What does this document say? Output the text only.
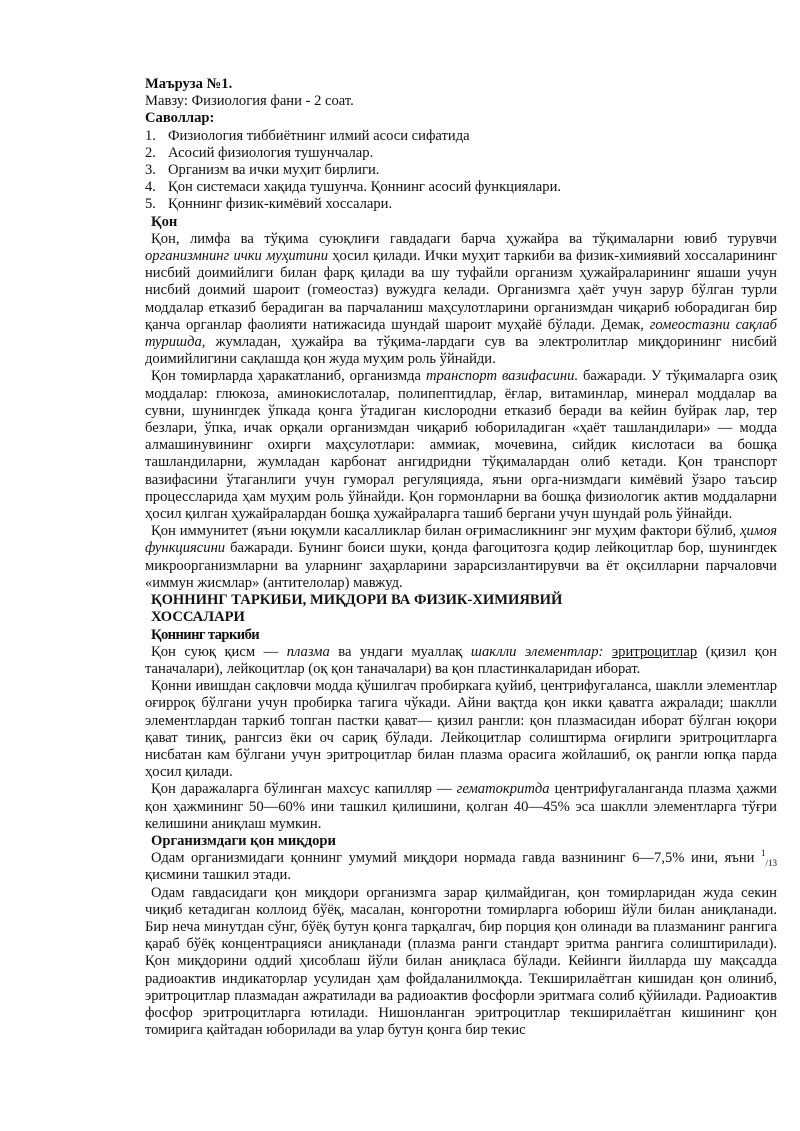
Маъруза №1.
Мавзу: Физиология фани - 2 соат.
Саволлар:
1. Физиология тиббиётнинг илмий асоси сифатида
2. Асосий физиология тушунчалар.
3. Организм ва ички муҳит бирлиги.
4. Қон системаси хақида тушунча. Қоннинг асосий функциялари.
5. Қоннинг физик-кимёвий хоссалари.
Қон

Қон, лимфа ва тўқима суюқлиғи гавдадаги барча ҳужайра ва тўқималарни ювиб турувчи организмнинг ички муҳитини ҳосил қилади. Ички муҳит таркиби ва физик-химиявий хоссаларининг нисбий доимийлиги билан фарқ қилади ва шу туфайли организм ҳужайраларининг яшаши учун нисбий доимий шароит (гомеостаз) вужудга келади. Организмга ҳаёт учун зарур бўлган турли моддалар етказиб берадиган ва парчаланиш маҳсулотларини организмдан чиқариб юборадиган бир қанча органлар фаолияти натижасида шундай шароит муҳайё бўлади. Демак, гомеостазни сақлаб туришда, жумладан, ҳужайра ва тўқима-лардаги сув ва электролитлар миқдорининг нисбий доимийлигини сақлашда қон жуда муҳим роль ўйнайди.

Қон томирларда ҳаракатланиб, организмда транспорт вазифасини. бажаради. У тўқималарга озиқ моддалар: глюкоза, аминокислоталар, полипептидлар, ёғлар, витаминлар, минерал моддалар ва сувни, шунингдек ўпкада қонга ўтадиган кислородни етказиб беради ва кейин буйрак лар, тер безлари, ўпка, ичак орқали организмдан чиқариб юбориладиган «ҳаёт ташландилари» — модда алмашинувининг охирги маҳсулотлари: аммиак, мочевина, сийдик кислотаси ва бошқа ташландиларни, жумладан карбонат ангидридни тўқималардан олиб кетади. Қон транспорт вазифасини ўтаганлиги учун гуморал регуляцияда, яъни орга-низмдаги кимёвий ўзаро таъсир процессларида ҳам муҳим роль ўйнайди. Қон гормонларни ва бошқа физиологик актив моддаларни ҳосил қилган ҳужайралардан бошқа ҳужайраларга ташиб бергани учун шундай роль ўйнайди.

Қон иммунитет (яъни юқумли касалликлар билан оғримасликнинг энг муҳим фактори бўлиб, ҳимоя функциясини бажаради. Бунинг боиси шуки, қонда фагоцитозга қодир лейкоцитлар бор, шунингдек микроорганизмларни ва уларнинг заҳарларини зарарсизлантирувчи ва ёт оқсилларни парчаловчи «иммун жисмлар» (антителолар) мавжуд.

ҚОННИНГ ТАРКИБИ, МИҚДОРИ ВА ФИЗИК-ХИМИЯВИЙ
ХОССАЛАРИ
Қоннинг таркиби

Қон суюқ қисм — плазма ва ундаги муаллақ шаклли элементлар: эритроцитлар (қизил қон таначалари), лейкоцитлар (оқ қон таначалари) ва қон пластинкаларидан иборат.

Қонни ивишдан сақловчи модда қўшилгач пробиркага қуйиб, центрифугаланса, шаклли элементлар оғирроқ бўлгани учун пробирка тагига чўкади. Айни вақтда қон икки қаватга ажралади; шаклли элементлардан таркиб топган пастки қават— қизил рангли: қон плазмасидан иборат бўлган юқори қават тиниқ, рангсиз ёки оч сариқ бўлади. Лейкоцитлар солиштирма оғирлиги эритроцитларга нисбатан кам бўлгани учун эритроцитлар билан плазма орасига жойлашиб, оқ рангли юпқа парда ҳосил қилади.

Қон даражаларга бўлинган махсус капилляр — гематокритда центрифугаланганда плазма ҳажми қон ҳажмининг 50—60% ини ташкил қилишини, қолган 40—45% эса шаклли элементларга тўғри келишини аниқлаш мумкин.

Организмдаги қон миқдори

Одам организмидаги қоннинг умумий миқдори нормада гавда вазнининг 6—7,5% ини, яъни $^1_{/13}$ қисмини ташкил этади.

Одам гавдасидаги қон миқдори организмга зарар қилмайдиган, қон томирларидан жуда секин чиқиб кетадиган коллоид бўёқ, масалан, конгоротни томирларга юбориш йўли билан аниқланади. Бир неча минутдан сўнг, бўёқ бутун қонга тарқалгач, бир порция қон олинади ва плазманинг рангига қараб бўёқ концентрацияси аниқланади (плазма ранги стандарт эритма рангига солиштирилади). Қон миқдорини оддий ҳисоблаш йўли билан аниқласа бўлади. Кейинги йилларда шу мақсадда радиоактив индикаторлар усулидан ҳам фойдаланилмоқда. Текширилаётган кишидан қон олиниб, эритроцитлар плазмадан ажратилади ва радиоактив фосфорли эритмага солиб қўйилади. Радиоактив фосфор эритроцитларга ютилади. Нишонланган эритроцитлар текширилаётган кишининг қон томирига қайтадан юборилади ва улар бутун қонга бир текис
